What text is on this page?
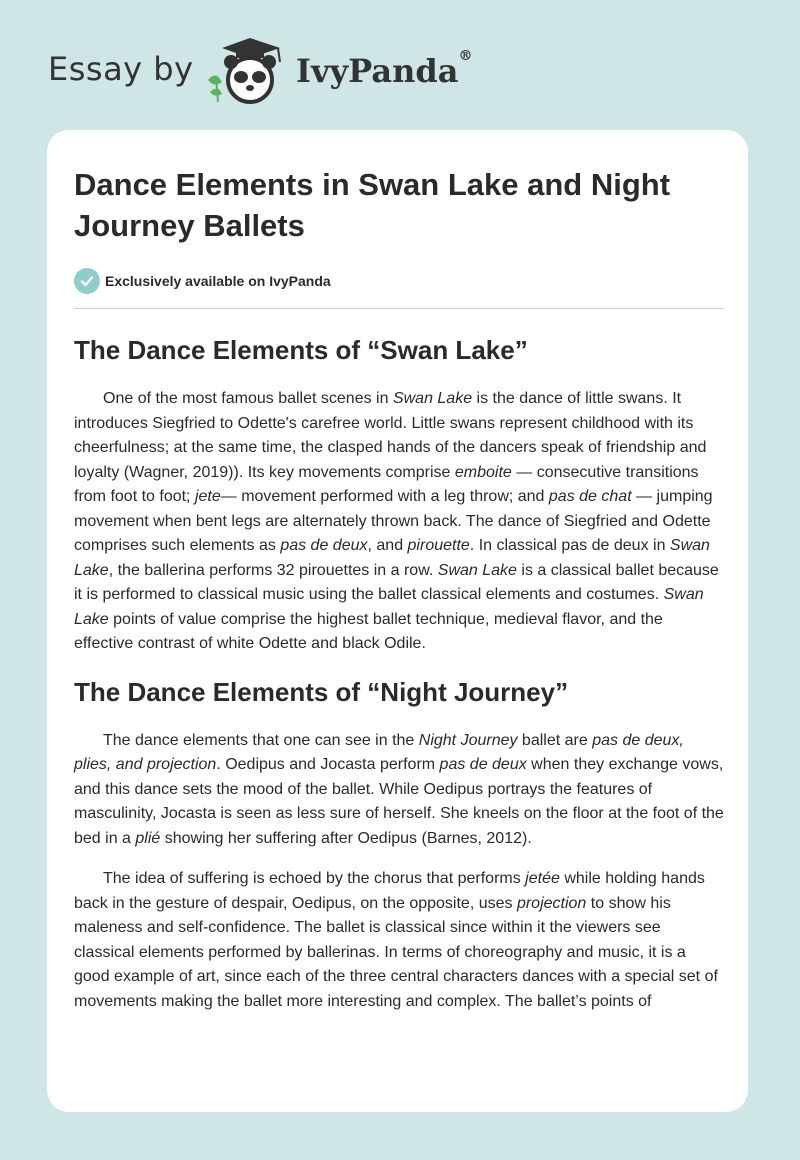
Essay by	IvyPanda®
Dance Elements in Swan Lake and Night Journey Ballets
Exclusively available on IvyPanda
The Dance Elements of “Swan Lake”

One of the most famous ballet scenes in Swan Lake is the dance of little swans. It introduces Siegfried to Odette's carefree world. Little swans represent childhood with its cheerfulness; at the same time, the clasped hands of the dancers speak of friendship and loyalty (Wagner, 2019)). Its key movements comprise emboite — consecutive transitions from foot to foot; jete— movement performed with a leg throw; and pas de chat — jumping movement when bent legs are alternately thrown back. The dance of Siegfried and Odette comprises such elements as pas de deux, and pirouette. In classical pas de deux in Swan Lake, the ballerina performs 32 pirouettes in a row. Swan Lake is a classical ballet because it is performed to classical music using the ballet classical elements and costumes. Swan Lake points of value comprise the highest ballet technique, medieval flavor, and the effective contrast of white Odette and black Odile.

The Dance Elements of “Night Journey”

The dance elements that one can see in the Night Journey ballet are pas de deux, plies, and projection. Oedipus and Jocasta perform pas de deux when they exchange vows, and this dance sets the mood of the ballet. While Oedipus portrays the features of masculinity, Jocasta is seen as less sure of herself. She kneels on the floor at the foot of the bed in a plié showing her suffering after Oedipus (Barnes, 2012).

The idea of suffering is echoed by the chorus that performs jetée while holding hands back in the gesture of despair, Oedipus, on the opposite, uses projection to show his maleness and self-confidence. The ballet is classical since within it the viewers see classical elements performed by ballerinas. In terms of choreography and music, it is a good example of art, since each of the three central characters dances with a special set of movements making the ballet more interesting and complex. The ballet’s points of
